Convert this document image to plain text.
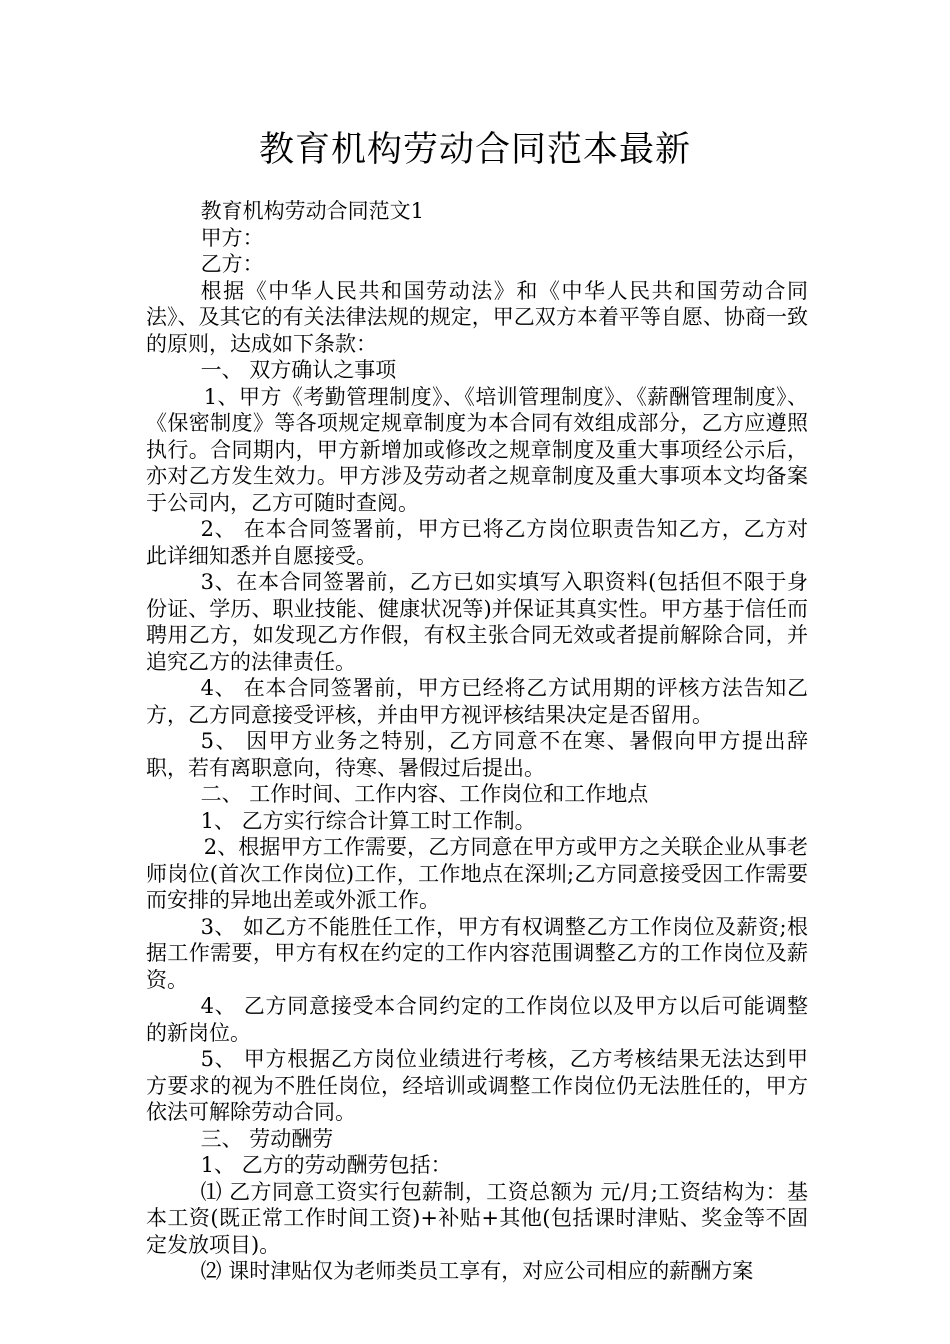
教育机构劳动合同范本最新

教育机构劳动合同范文1

甲方：

乙方：

根据《中华人民共和国劳动法》和《中华人民共和国劳动合同法》、及其它的有关法律法规的规定，甲乙双方本着平等自愿、协商一致的原则，达成如下条款：

一、 双方确认之事项

1、甲方《考勤管理制度》、《培训管理制度》、《薪酬管理制度》、《保密制度》等各项规定规章制度为本合同有效组成部分，乙方应遵照执行。合同期内，甲方新增加或修改之规章制度及重大事项经公示后，亦对乙方发生效力。甲方涉及劳动者之规章制度及重大事项本文均备案于公司内，乙方可随时查阅。

2、 在本合同签署前，甲方已将乙方岗位职责告知乙方，乙方对此详细知悉并自愿接受。

3、在本合同签署前，乙方已如实填写入职资料(包括但不限于身份证、学历、职业技能、健康状况等)并保证其真实性。甲方基于信任而聘用乙方，如发现乙方作假，有权主张合同无效或者提前解除合同，并追究乙方的法律责任。

4、 在本合同签署前，甲方已经将乙方试用期的评核方法告知乙方，乙方同意接受评核，并由甲方视评核结果决定是否留用。

5、 因甲方业务之特别，乙方同意不在寒、暑假向甲方提出辞职，若有离职意向，待寒、暑假过后提出。

二、 工作时间、工作内容、工作岗位和工作地点

1、 乙方实行综合计算工时工作制。

2、根据甲方工作需要，乙方同意在甲方或甲方之关联企业从事老师岗位(首次工作岗位)工作，工作地点在深圳;乙方同意接受因工作需要而安排的异地出差或外派工作。

3、 如乙方不能胜任工作，甲方有权调整乙方工作岗位及薪资;根据工作需要，甲方有权在约定的工作内容范围调整乙方的工作岗位及薪资。

4、 乙方同意接受本合同约定的工作岗位以及甲方以后可能调整的新岗位。

5、 甲方根据乙方岗位业绩进行考核，乙方考核结果无法达到甲方要求的视为不胜任岗位，经培训或调整工作岗位仍无法胜任的，甲方依法可解除劳动合同。

三、 劳动酬劳

1、 乙方的劳动酬劳包括：

⑴ 乙方同意工资实行包薪制，工资总额为 元/月;工资结构为：基本工资(既正常工作时间工资)+补贴+其他(包括课时津贴、奖金等不固定发放项目)。

⑵ 课时津贴仅为老师类员工享有，对应公司相应的薪酬方案
